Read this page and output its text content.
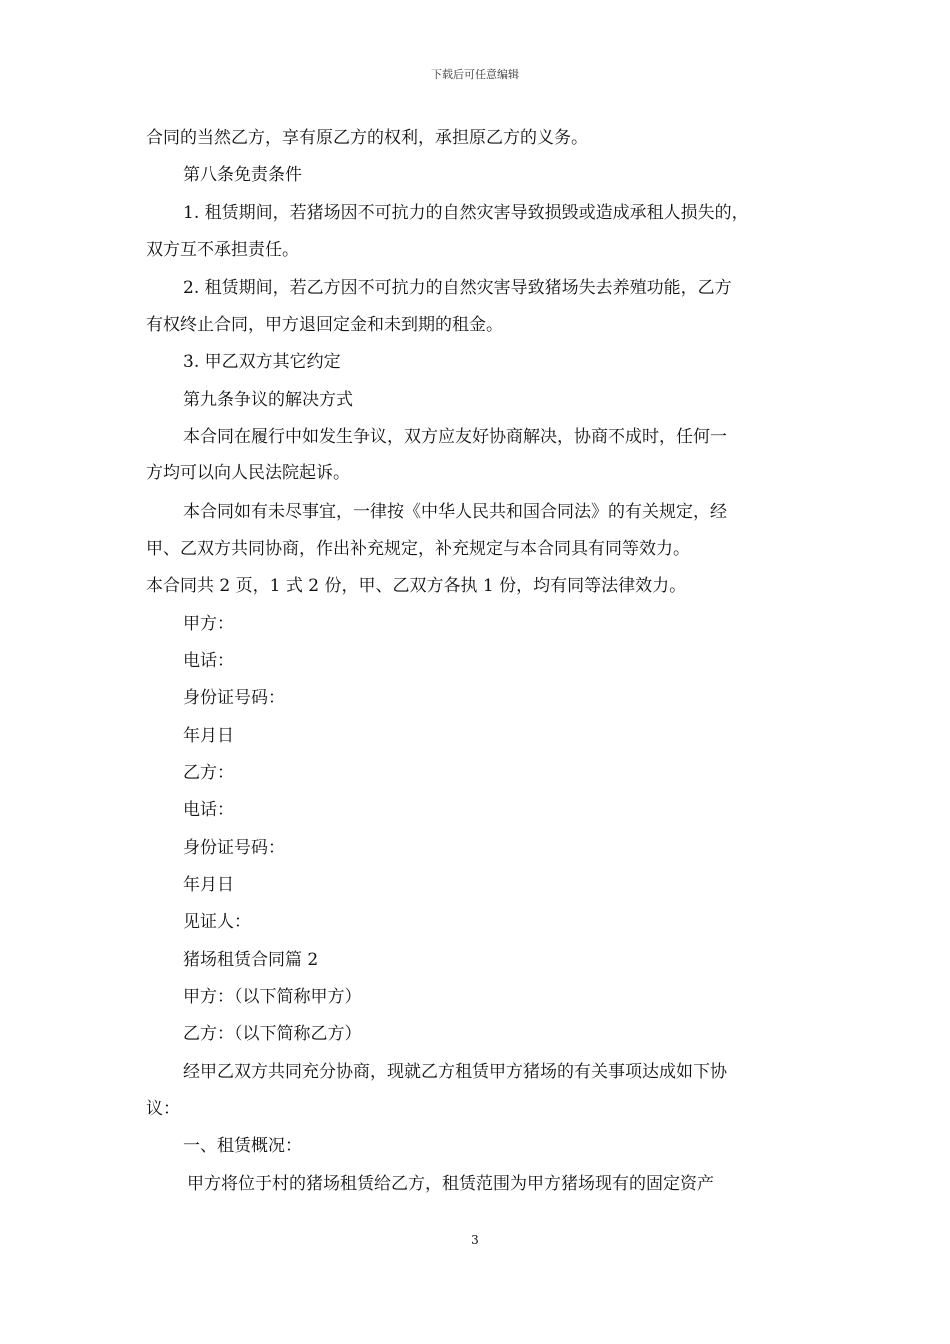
下载后可任意编辑
合同的当然乙方，享有原乙方的权利，承担原乙方的义务。
第八条免责条件
1. 租赁期间，若猪场因不可抗力的自然灾害导致损毁或造成承租人损失的，
双方互不承担责任。
2. 租赁期间，若乙方因不可抗力的自然灾害导致猪场失去养殖功能，乙方
有权终止合同，甲方退回定金和未到期的租金。
3. 甲乙双方其它约定
第九条争议的解决方式
本合同在履行中如发生争议，双方应友好协商解决，协商不成时，任何一
方均可以向人民法院起诉。
本合同如有未尽事宜，一律按《中华人民共和国合同法》的有关规定，经
甲、乙双方共同协商，作出补充规定，补充规定与本合同具有同等效力。
本合同共 2 页，1 式 2 份，甲、乙双方各执 1 份，均有同等法律效力。
甲方：
电话：
身份证号码：
年月日
乙方：
电话：
身份证号码：
年月日
见证人：
猪场租赁合同篇 2
甲方：（以下简称甲方）
乙方：（以下简称乙方）
经甲乙双方共同充分协商，现就乙方租赁甲方猪场的有关事项达成如下协
议：
一、租赁概况：
甲方将位于村的猪场租赁给乙方，租赁范围为甲方猪场现有的固定资产
3
